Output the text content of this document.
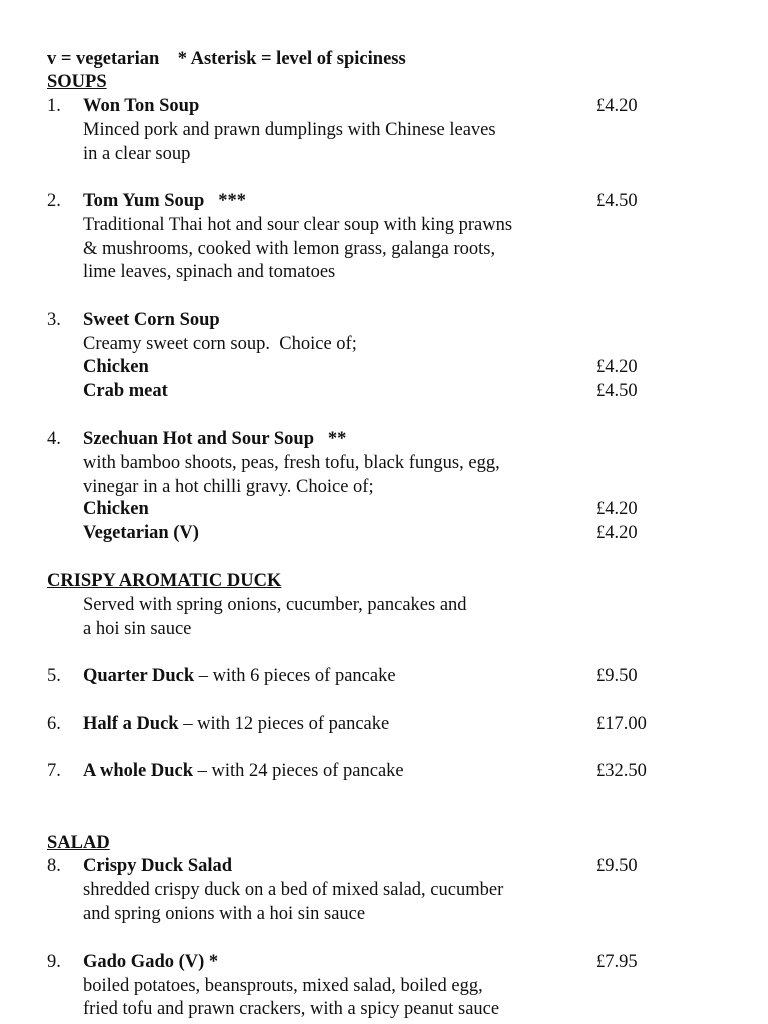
v = vegetarian * Asterisk = level of spiciness
SOUPS
1. Won Ton Soup	£4.20
Minced pork and prawn dumplings with Chinese leaves
in a clear soup
2. Tom Yum Soup   ***	£4.50
Traditional Thai hot and sour clear soup with king prawns
& mushrooms, cooked with lemon grass, galanga roots,
lime leaves, spinach and tomatoes
3. Sweet Corn Soup
Creamy sweet corn soup.  Choice of;
Chicken	£4.20
Crab meat	£4.50
4. Szechuan Hot and Sour Soup   **
with bamboo shoots, peas, fresh tofu, black fungus, egg,
vinegar in a hot chilli gravy. Choice of;
Chicken	£4.20
Vegetarian (V)	£4.20
CRISPY AROMATIC DUCK
Served with spring onions, cucumber, pancakes and
a hoi sin sauce
5. Quarter Duck – with 6 pieces of pancake	£9.50
6. Half a Duck – with 12 pieces of pancake	£17.00
7. A whole Duck – with 24 pieces of pancake	£32.50
SALAD
8. Crispy Duck Salad	£9.50
shredded crispy duck on a bed of mixed salad, cucumber
and spring onions with a hoi sin sauce
9. Gado Gado (V) *	£7.95
boiled potatoes, beansprouts, mixed salad, boiled egg,
fried tofu and prawn crackers, with a spicy peanut sauce
